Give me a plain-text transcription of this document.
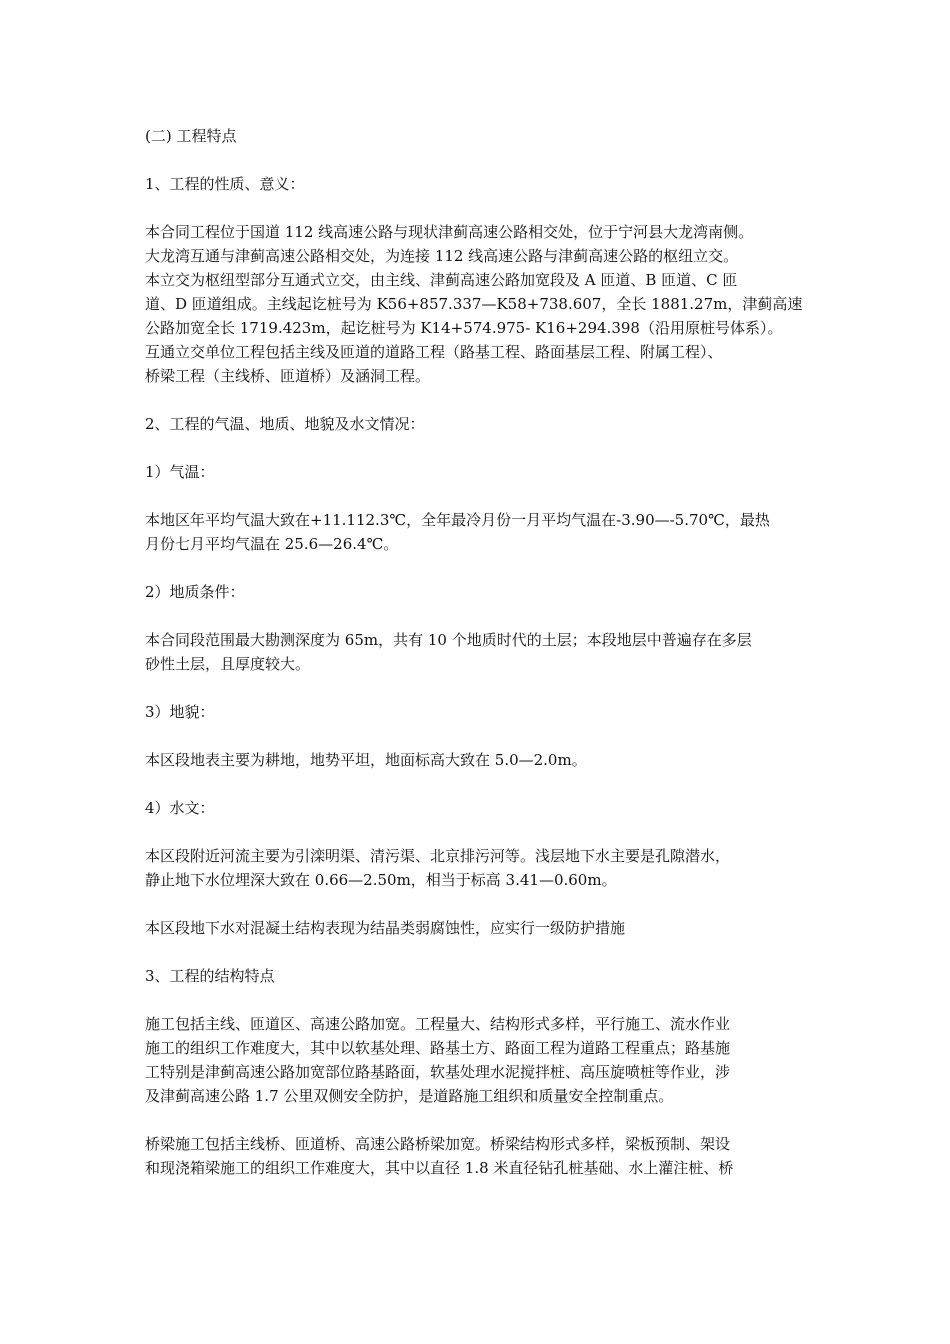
(二) 工程特点

1、工程的性质、意义：

本合同工程位于国道 112 线高速公路与现状津蓟高速公路相交处，位于宁河县大龙湾南侧。
大龙湾互通与津蓟高速公路相交处，为连接 112 线高速公路与津蓟高速公路的枢纽立交。
本立交为枢纽型部分互通式立交，由主线、津蓟高速公路加宽段及 A 匝道、B 匝道、C 匝
道、D 匝道组成。主线起讫桩号为 K56+857.337—K58+738.607，全长 1881.27m，津蓟高速
公路加宽全长 1719.423m，起讫桩号为 K14+574.975- K16+294.398（沿用原桩号体系）。
互通立交单位工程包括主线及匝道的道路工程（路基工程、路面基层工程、附属工程）、
桥梁工程（主线桥、匝道桥）及涵洞工程。

2、工程的气温、地质、地貌及水文情况：

1）气温：

本地区年平均气温大致在+11.112.3℃，全年最冷月份一月平均气温在-3.90—-5.70℃，最热
月份七月平均气温在 25.6—26.4℃。

2）地质条件：

本合同段范围最大勘测深度为 65m，共有 10 个地质时代的土层；本段地层中普遍存在多层
砂性土层，且厚度较大。

3）地貌：

本区段地表主要为耕地，地势平坦，地面标高大致在 5.0—2.0m。

4）水文：

本区段附近河流主要为引滦明渠、清污渠、北京排污河等。浅层地下水主要是孔隙潜水，
静止地下水位埋深大致在 0.66—2.50m，相当于标高 3.41—0.60m。

本区段地下水对混凝土结构表现为结晶类弱腐蚀性，应实行一级防护措施

3、工程的结构特点

施工包括主线、匝道区、高速公路加宽。工程量大、结构形式多样，平行施工、流水作业
施工的组织工作难度大，其中以软基处理、路基土方、路面工程为道路工程重点；路基施
工特别是津蓟高速公路加宽部位路基路面，软基处理水泥搅拌桩、高压旋喷桩等作业，涉
及津蓟高速公路 1.7 公里双侧安全防护，是道路施工组织和质量安全控制重点。

桥梁施工包括主线桥、匝道桥、高速公路桥梁加宽。桥梁结构形式多样，梁板预制、架设
和现浇箱梁施工的组织工作难度大，其中以直径 1.8 米直径钻孔桩基础、水上灌注桩、桥
